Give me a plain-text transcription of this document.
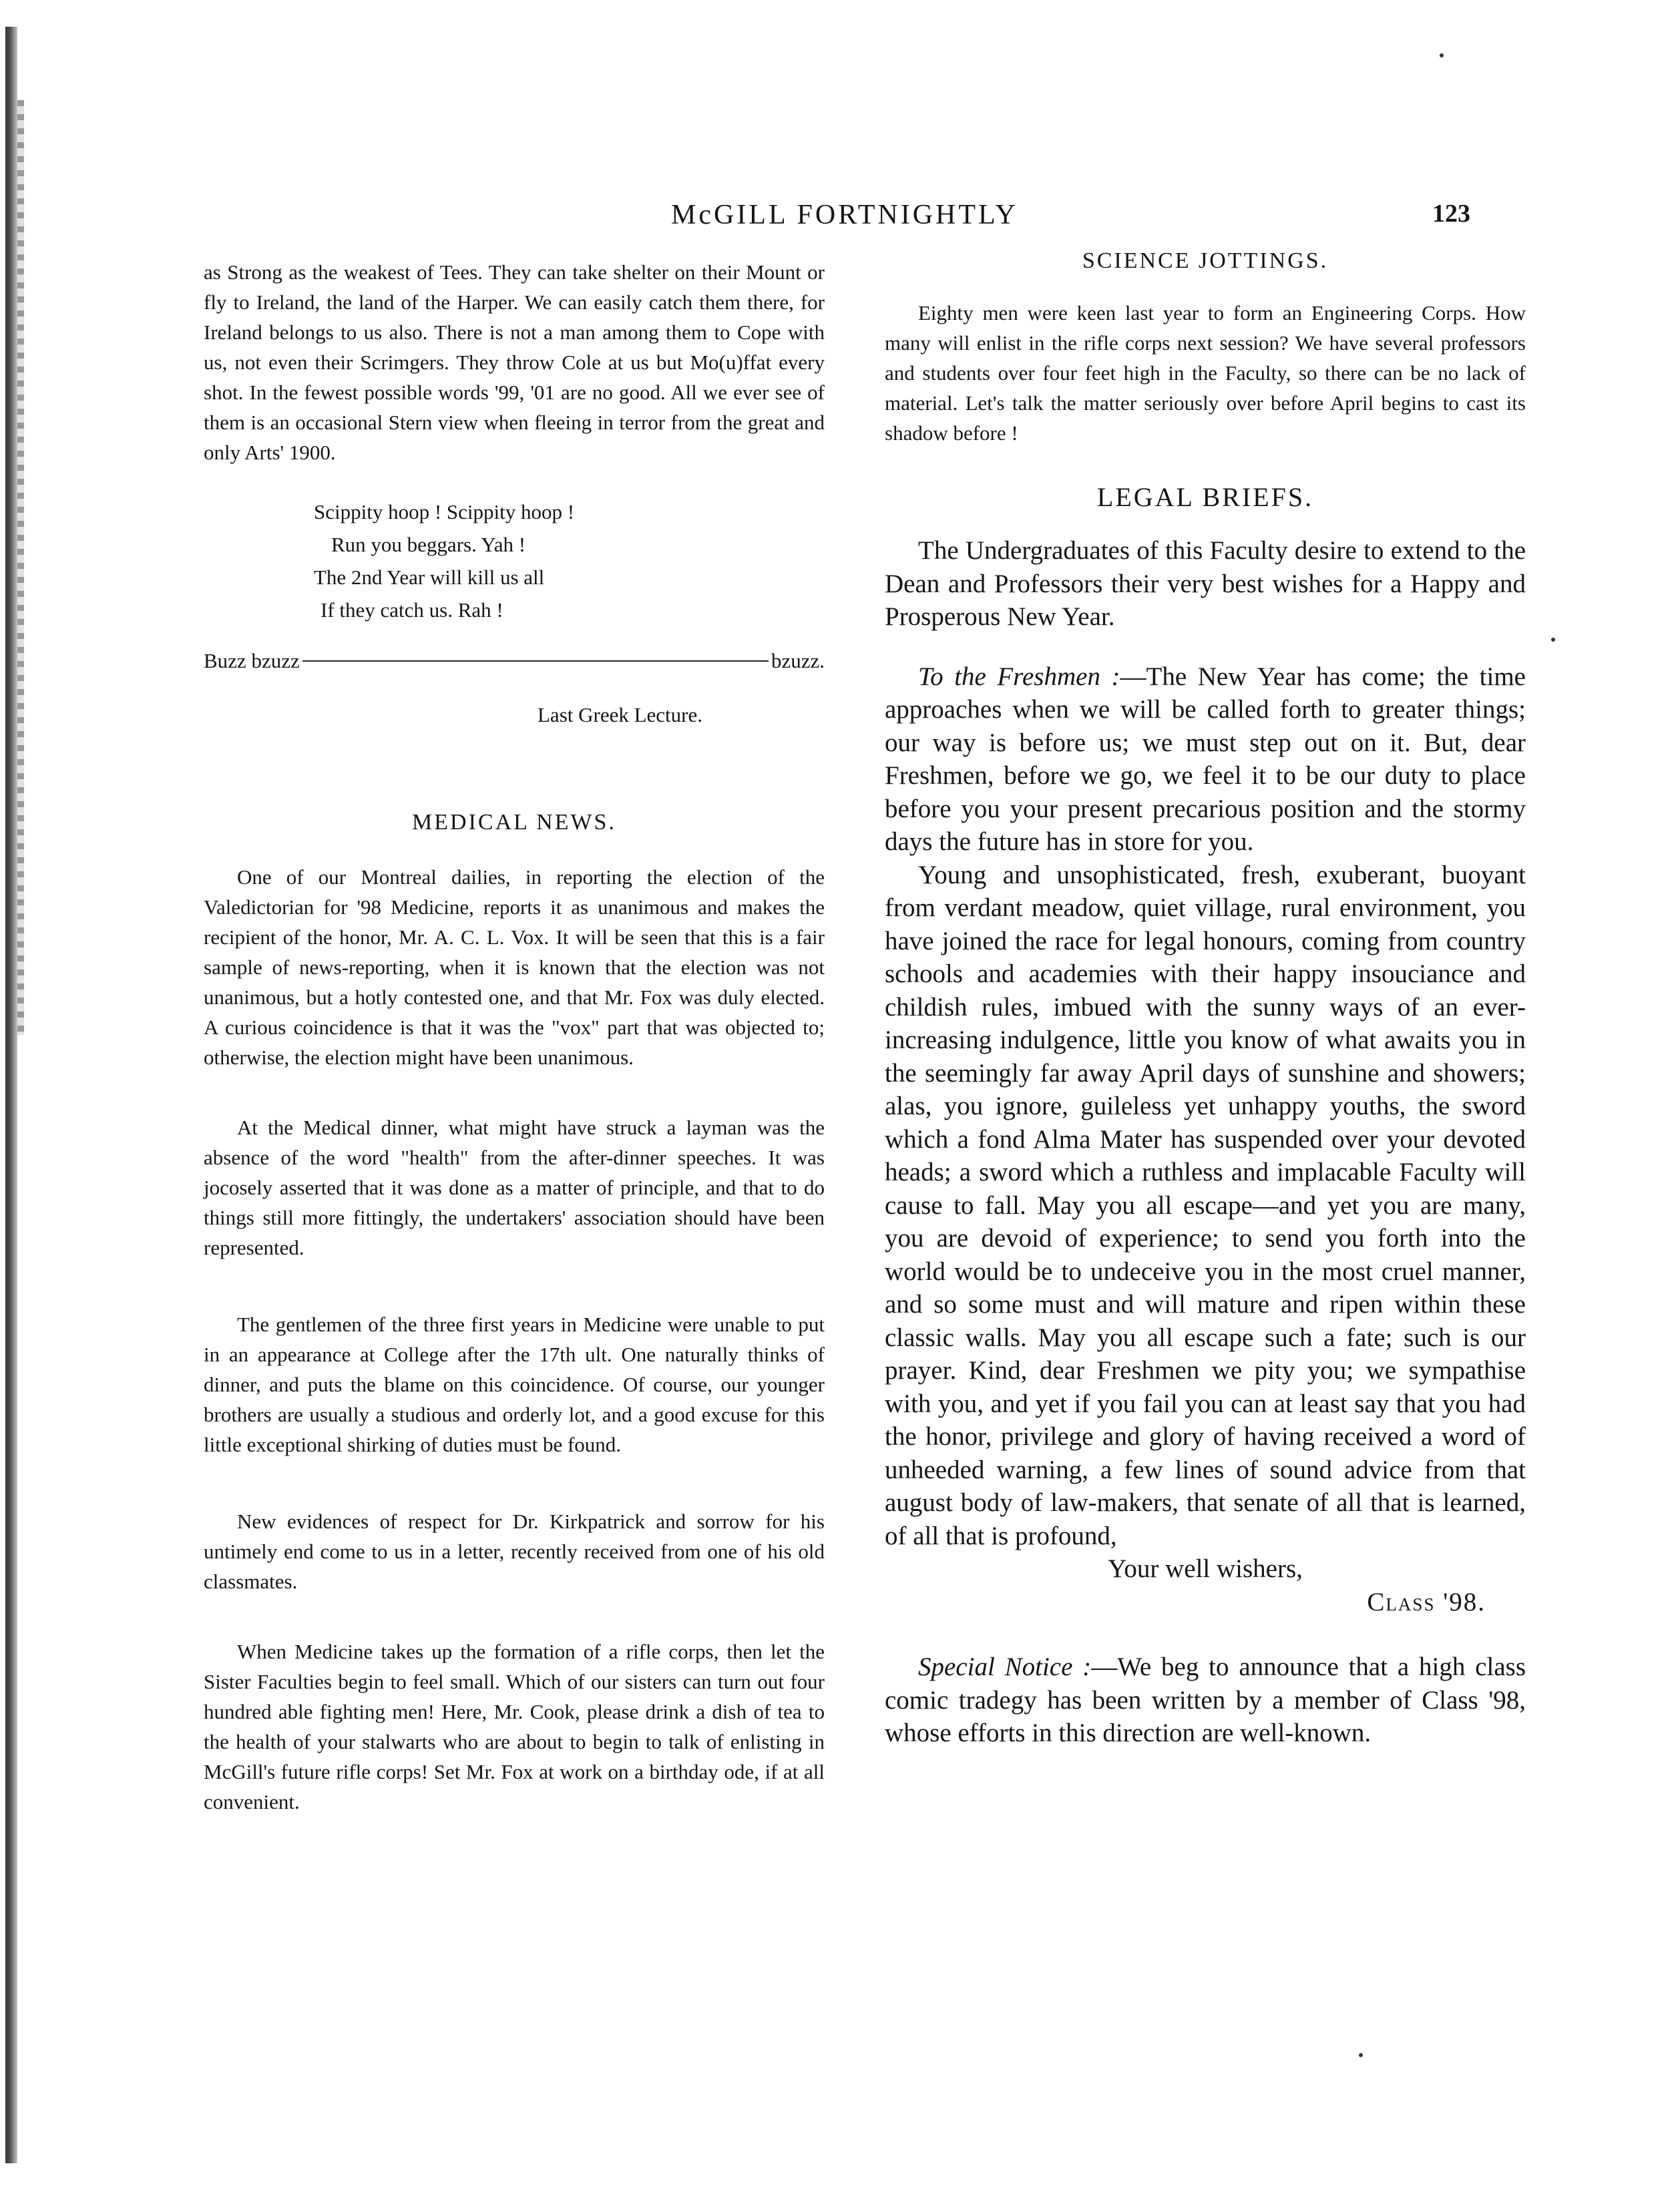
McGILL FORTNIGHTLY	123

as Strong as the weakest of Tees. They can take shelter on their Mount or fly to Ireland, the land of the Harper. We can easily catch them there, for Ireland belongs to us also. There is not a man among them to Cope with us, not even their Scrimgers. They throw Cole at us but Mo(u)ffat every shot. In the fewest possible words '99, '01 are no good. All we ever see of them is an occasional Stern view when fleeing in terror from the great and only Arts' 1900.

Scippity hoop ! Scippity hoop !
Run you beggars. Yah !
The 2nd Year will kill us all
If they catch us. Rah !
Buzz bzuzz	bzuzz.

Last Greek Lecture.

MEDICAL NEWS.

One of our Montreal dailies, in reporting the election of the Valedictorian for '98 Medicine, reports it as unanimous and makes the recipient of the honor, Mr. A. C. L. Vox. It will be seen that this is a fair sample of news-reporting, when it is known that the election was not unanimous, but a hotly contested one, and that Mr. Fox was duly elected. A curious coincidence is that it was the "vox" part that was objected to; otherwise, the election might have been unanimous.

At the Medical dinner, what might have struck a layman was the absence of the word "health" from the after-dinner speeches. It was jocosely asserted that it was done as a matter of principle, and that to do things still more fittingly, the undertakers' association should have been represented.

The gentlemen of the three first years in Medicine were unable to put in an appearance at College after the 17th ult. One naturally thinks of dinner, and puts the blame on this coincidence. Of course, our younger brothers are usually a studious and orderly lot, and a good excuse for this little exceptional shirking of duties must be found.

New evidences of respect for Dr. Kirkpatrick and sorrow for his untimely end come to us in a letter, recently received from one of his old classmates.

When Medicine takes up the formation of a rifle corps, then let the Sister Faculties begin to feel small. Which of our sisters can turn out four hundred able fighting men! Here, Mr. Cook, please drink a dish of tea to the health of your stalwarts who are about to begin to talk of enlisting in McGill's future rifle corps! Set Mr. Fox at work on a birthday ode, if at all convenient.

SCIENCE JOTTINGS.

Eighty men were keen last year to form an Engineering Corps. How many will enlist in the rifle corps next session? We have several professors and students over four feet high in the Faculty, so there can be no lack of material. Let's talk the matter seriously over before April begins to cast its shadow before !

LEGAL BRIEFS.

The Undergraduates of this Faculty desire to extend to the Dean and Professors their very best wishes for a Happy and Prosperous New Year.

To the Freshmen :—The New Year has come; the time approaches when we will be called forth to greater things; our way is before us; we must step out on it. But, dear Freshmen, before we go, we feel it to be our duty to place before you your present precarious position and the stormy days the future has in store for you.

Young and unsophisticated, fresh, exuberant, buoyant from verdant meadow, quiet village, rural environment, you have joined the race for legal honours, coming from country schools and academies with their happy insouciance and childish rules, imbued with the sunny ways of an ever-increasing indulgence, little you know of what awaits you in the seemingly far away April days of sunshine and showers; alas, you ignore, guileless yet unhappy youths, the sword which a fond Alma Mater has suspended over your devoted heads; a sword which a ruthless and implacable Faculty will cause to fall. May you all escape—and yet you are many, you are devoid of experience; to send you forth into the world would be to undeceive you in the most cruel manner, and so some must and will mature and ripen within these classic walls. May you all escape such a fate; such is our prayer. Kind, dear Freshmen we pity you; we sympathise with you, and yet if you fail you can at least say that you had the honor, privilege and glory of having received a word of unheeded warning, a few lines of sound advice from that august body of law-makers, that senate of all that is learned, of all that is profound,

Your well wishers,

Class '98.

Special Notice :—We beg to announce that a high class comic tradegy has been written by a member of Class '98, whose efforts in this direction are well-known.
